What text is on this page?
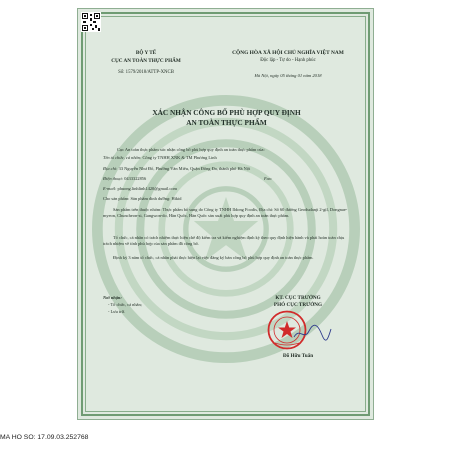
BỘ Y TẾ
CỤC AN TOÀN THỰC PHẨM
Số: 1579/2018/ATTP-XNCB
CỘNG HÒA XÃ HỘI CHỦ NGHĨA VIỆT NAM
Độc lập - Tự do - Hạnh phúc
Hà Nội, ngày 05 tháng 01 năm 2018
XÁC NHẬN CÔNG BỐ PHÙ HỢP QUY ĐỊNH
AN TOÀN THỰC PHẨM
Cục An toàn thực phẩm xác nhận công bố phù hợp quy định an toàn thực phẩm của:
Tên tổ chức, cá nhân: Công ty TNHH XNK & TM Phương Linh
Địa chỉ: 33 Nguyễn Như Đổ, Phường Văn Miếu, Quận Đống Đa, thành phố Hà Nội
Điện thoại: 0433322856	Fax:
E-mail: phuong.linhlinh1420@gmail.com
Cho sản phẩm: Sản phẩm dinh dưỡng: Hikid
Sản phẩm trên thuộc nhóm: Thực phẩm bổ sung do Công ty TNHH Ildong Foodis, Địa chỉ: Số 60 đường Geodudanji 2-gil, Dongnae-myeon, Chuncheon-si, Gangwon-do, Hàn Quốc, Hàn Quốc sản xuất phù hợp quy định an toàn thực phẩm.
Tổ chức, cá nhân có trách nhiệm thực hiện chế độ kiểm tra và kiểm nghiệm định kỳ theo quy định hiện hành và phải hoàn toàn chịu trách nhiệm về tính phù hợp của sản phẩm đã công bố.
Định kỳ 3 năm tổ chức, cá nhân phải thực hiện lại việc đăng ký bản công bố phù hợp quy định an toàn thực phẩm.
Nơi nhận:
- Tổ chức, cá nhân;
- Lưu trữ.
KT. CỤC TRƯỞNG
PHÓ CỤC TRƯỞNG
Đỗ Hữu Tuấn
MA HO SO: 17.09.03.252768
